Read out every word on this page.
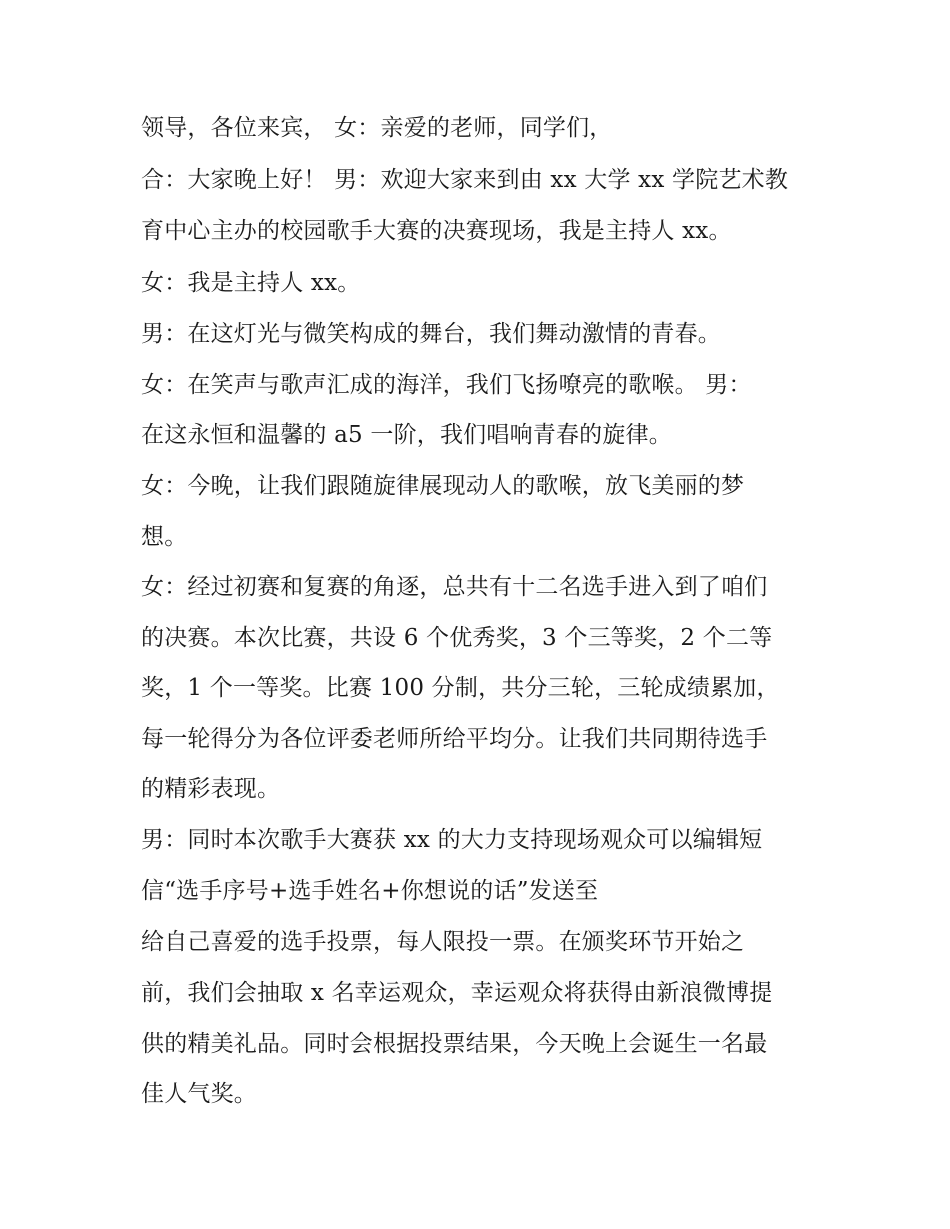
领导，各位来宾， 女：亲爱的老师，同学们，
合：大家晚上好！ 男：欢迎大家来到由 xx 大学 xx 学院艺术教
育中心主办的校园歌手大赛的决赛现场，我是主持人 xx。
女：我是主持人 xx。
男：在这灯光与微笑构成的舞台，我们舞动激情的青春。
女：在笑声与歌声汇成的海洋，我们飞扬嘹亮的歌喉。 男：
在这永恒和温馨的 a5 一阶，我们唱响青春的旋律。
女：今晚，让我们跟随旋律展现动人的歌喉，放飞美丽的梦
想。
女：经过初赛和复赛的角逐，总共有十二名选手进入到了咱们
的决赛。本次比赛，共设 6 个优秀奖，3 个三等奖，2 个二等
奖，1 个一等奖。比赛 100 分制，共分三轮，三轮成绩累加，
每一轮得分为各位评委老师所给平均分。让我们共同期待选手
的精彩表现。
男：同时本次歌手大赛获 xx 的大力支持现场观众可以编辑短
信“选手序号+选手姓名+你想说的话”发送至
给自己喜爱的选手投票，每人限投一票。在颁奖环节开始之
前，我们会抽取 x 名幸运观众，幸运观众将获得由新浪微博提
供的精美礼品。同时会根据投票结果，今天晚上会诞生一名最
佳人气奖。
